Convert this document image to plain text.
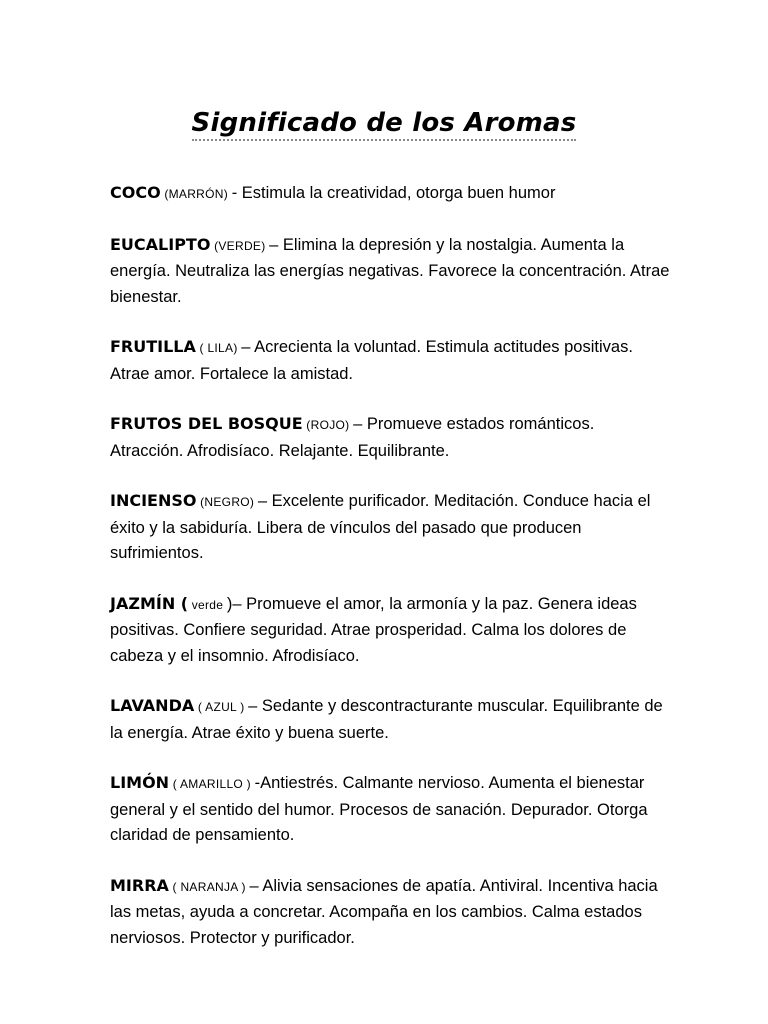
Significado de los Aromas

COCO (MARRÓN) - Estimula la creatividad, otorga buen humor

EUCALIPTO (VERDE) – Elimina la depresión y la nostalgia. Aumenta la energía. Neutraliza las energías negativas. Favorece la concentración. Atrae bienestar.

FRUTILLA ( LILA) – Acrecienta la voluntad. Estimula actitudes positivas. Atrae amor. Fortalece la amistad.

FRUTOS DEL BOSQUE (ROJO) – Promueve estados románticos. Atracción. Afrodisíaco. Relajante. Equilibrante.

INCIENSO (NEGRO) – Excelente purificador. Meditación. Conduce hacia el éxito y la sabiduría. Libera de vínculos del pasado que producen sufrimientos.

JAZMÍN ( verde )– Promueve el amor, la armonía y la paz. Genera ideas positivas. Confiere seguridad. Atrae prosperidad. Calma los dolores de cabeza y el insomnio. Afrodisíaco.

LAVANDA ( AZUL ) – Sedante y descontracturante muscular. Equilibrante de la energía. Atrae éxito y buena suerte.

LIMÓN ( AMARILLO ) -Antiestrés. Calmante nervioso. Aumenta el bienestar general y el sentido del humor. Procesos de sanación. Depurador. Otorga claridad de pensamiento.

MIRRA ( NARANJA ) – Alivia sensaciones de apatía. Antiviral. Incentiva hacia las metas, ayuda a concretar. Acompaña en los cambios. Calma estados nerviosos. Protector y purificador.
